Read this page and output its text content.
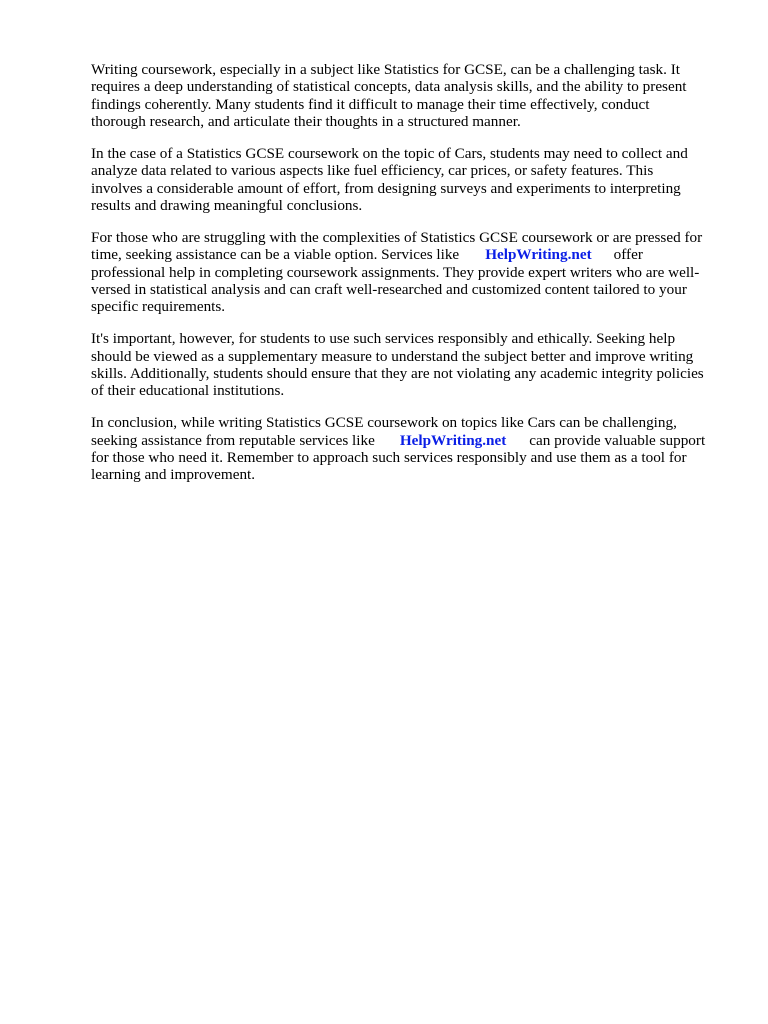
Writing coursework, especially in a subject like Statistics for GCSE, can be a challenging task. It
requires a deep understanding of statistical concepts, data analysis skills, and the ability to present
findings coherently. Many students find it difficult to manage their time effectively, conduct
thorough research, and articulate their thoughts in a structured manner.

In the case of a Statistics GCSE coursework on the topic of Cars, students may need to collect and
analyze data related to various aspects like fuel efficiency, car prices, or safety features. This
involves a considerable amount of effort, from designing surveys and experiments to interpreting
results and drawing meaningful conclusions.

For those who are struggling with the complexities of Statistics GCSE coursework or are pressed for
time, seeking assistance can be a viable option. Services like HelpWriting.net offer
professional help in completing coursework assignments. They provide expert writers who are well-
versed in statistical analysis and can craft well-researched and customized content tailored to your
specific requirements.

It's important, however, for students to use such services responsibly and ethically. Seeking help
should be viewed as a supplementary measure to understand the subject better and improve writing
skills. Additionally, students should ensure that they are not violating any academic integrity policies
of their educational institutions.

In conclusion, while writing Statistics GCSE coursework on topics like Cars can be challenging,
seeking assistance from reputable services like HelpWriting.net can provide valuable support
for those who need it. Remember to approach such services responsibly and use them as a tool for
learning and improvement.
